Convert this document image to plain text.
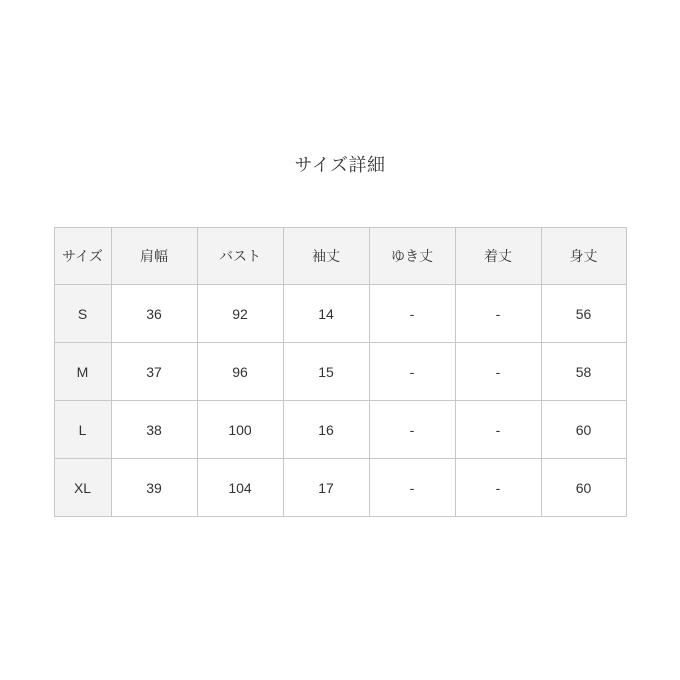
サイズ詳細
サイズ	肩幅	バスト	袖丈	ゆき丈	着丈	身丈
S	36	92	14	-	-	56
M	37	96	15	-	-	58
L	38	100	16	-	-	60
XL	39	104	17	-	-	60
